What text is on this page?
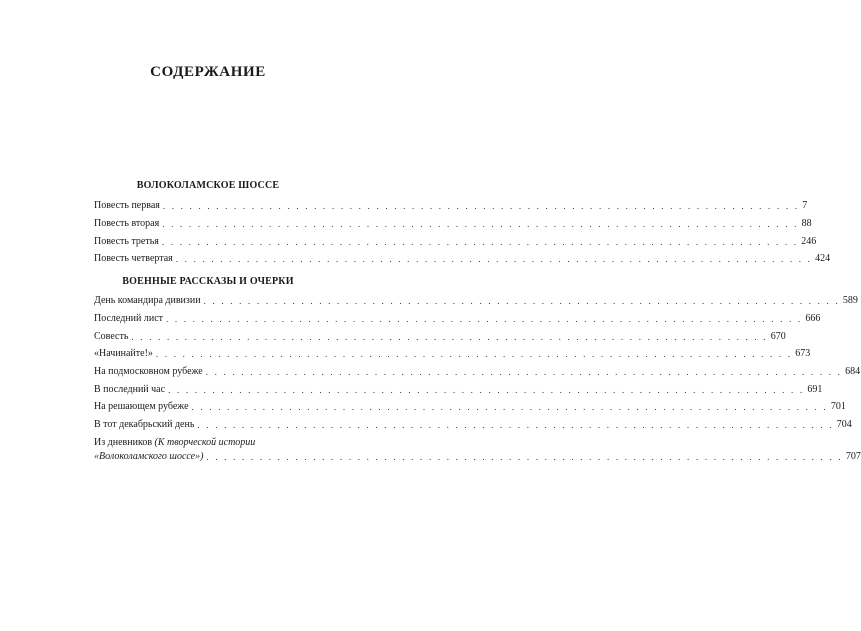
СОДЕРЖАНИЕ
ВОЛОКОЛАМСКОЕ ШОССЕ
Повесть первая . . . . . . . . . . . . . . . . . . . . . . . . . . . . . . . . . . . . . . . . . . . . . . . . . . . . . . . . . . . . . . . . . . . . . . . . 7
Повесть вторая . . . . . . . . . . . . . . . . . . . . . . . . . . . . . . . . . . . . . . . . . . . . . . . . . . . . . . . . . . . . . . . . . . . . . . . . 88
Повесть третья . . . . . . . . . . . . . . . . . . . . . . . . . . . . . . . . . . . . . . . . . . . . . . . . . . . . . . . . . . . . . . . . . . . . . . . . 246
Повесть четвертая . . . . . . . . . . . . . . . . . . . . . . . . . . . . . . . . . . . . . . . . . . . . . . . . . . . . . . . . . . . . . . . . . . . . . . . . 424
ВОЕННЫЕ РАССКАЗЫ И ОЧЕРКИ
День командира дивизии . . . . . . . . . . . . . . . . . . . . . . . . . . . . . . . . . . . . . . . . . . . . . . . . . . . . . . . . . . . . . . . . . . . . . . . . 589
Последний лист . . . . . . . . . . . . . . . . . . . . . . . . . . . . . . . . . . . . . . . . . . . . . . . . . . . . . . . . . . . . . . . . . . . . . . . . 666
Совесть . . . . . . . . . . . . . . . . . . . . . . . . . . . . . . . . . . . . . . . . . . . . . . . . . . . . . . . . . . . . . . . . . . . . . . . . 670
«Начинайте!» . . . . . . . . . . . . . . . . . . . . . . . . . . . . . . . . . . . . . . . . . . . . . . . . . . . . . . . . . . . . . . . . . . . . . . . . 673
На подмосковном рубеже . . . . . . . . . . . . . . . . . . . . . . . . . . . . . . . . . . . . . . . . . . . . . . . . . . . . . . . . . . . . . . . . . . . . . . . . 684
В последний час . . . . . . . . . . . . . . . . . . . . . . . . . . . . . . . . . . . . . . . . . . . . . . . . . . . . . . . . . . . . . . . . . . . . . . . . 691
На решающем рубеже . . . . . . . . . . . . . . . . . . . . . . . . . . . . . . . . . . . . . . . . . . . . . . . . . . . . . . . . . . . . . . . . . . . . . . . . 701
В тот декабрьский день . . . . . . . . . . . . . . . . . . . . . . . . . . . . . . . . . . . . . . . . . . . . . . . . . . . . . . . . . . . . . . . . . . . . . . . . 704
Из дневников (К творческой истории
«Волоколамского шоссе») . . . . . . . . . . . . . . . . . . . . . . . . . . . . . . . . . . . . . . . . . . . . . . . . . . . . . . . . . . . . . . . . . . . . . . . . 707
